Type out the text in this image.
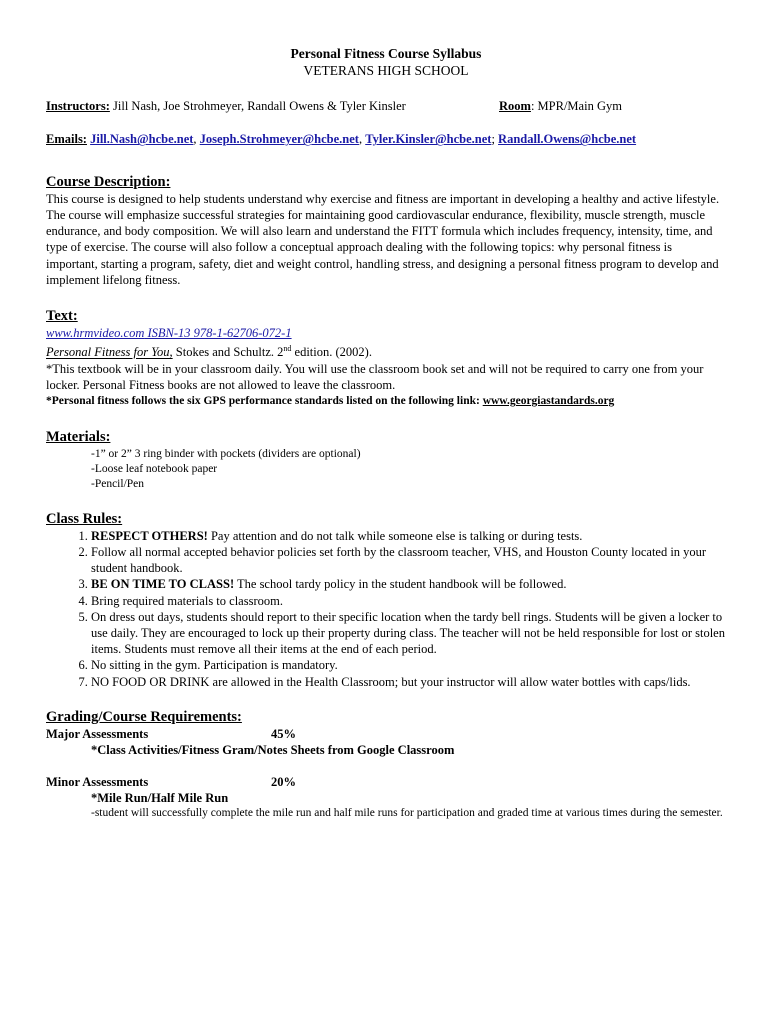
Personal Fitness Course Syllabus
VETERANS HIGH SCHOOL
Instructors: Jill Nash, Joe Strohmeyer, Randall Owens & Tyler Kinsler	Room: MPR/Main Gym
Emails: Jill.Nash@hcbe.net, Joseph.Strohmeyer@hcbe.net, Tyler.Kinsler@hcbe.net; Randall.Owens@hcbe.net
Course Description:
This course is designed to help students understand why exercise and fitness are important in developing a healthy and active lifestyle. The course will emphasize successful strategies for maintaining good cardiovascular endurance, flexibility, muscle strength, muscle endurance, and body composition. We will also learn and understand the FITT formula which includes frequency, intensity, time, and type of exercise. The course will also follow a conceptual approach dealing with the following topics: why personal fitness is important, starting a program, safety, diet and weight control, handling stress, and designing a personal fitness program to develop and implement lifelong fitness.
Text:
www.hrmvideo.com ISBN-13 978-1-62706-072-1
Personal Fitness for You, Stokes and Schultz. 2nd edition. (2002).
*This textbook will be in your classroom daily. You will use the classroom book set and will not be required to carry one from your locker. Personal Fitness books are not allowed to leave the classroom.
*Personal fitness follows the six GPS performance standards listed on the following link: www.georgiastandards.org
Materials:
-1” or 2” 3 ring binder with pockets (dividers are optional)
-Loose leaf notebook paper
-Pencil/Pen
Class Rules:
1. RESPECT OTHERS! Pay attention and do not talk while someone else is talking or during tests.
2. Follow all normal accepted behavior policies set forth by the classroom teacher, VHS, and Houston County located in your student handbook.
3. BE ON TIME TO CLASS! The school tardy policy in the student handbook will be followed.
4. Bring required materials to classroom.
5. On dress out days, students should report to their specific location when the tardy bell rings. Students will be given a locker to use daily. They are encouraged to lock up their property during class. The teacher will not be held responsible for lost or stolen items. Students must remove all their items at the end of each period.
6. No sitting in the gym. Participation is mandatory.
7. NO FOOD OR DRINK are allowed in the Health Classroom; but your instructor will allow water bottles with caps/lids.
Grading/Course Requirements:
Major Assessments	45%
*Class Activities/Fitness Gram/Notes Sheets from Google Classroom
Minor Assessments	20%
*Mile Run/Half Mile Run
-student will successfully complete the mile run and half mile runs for participation and graded time at various times during the semester.
